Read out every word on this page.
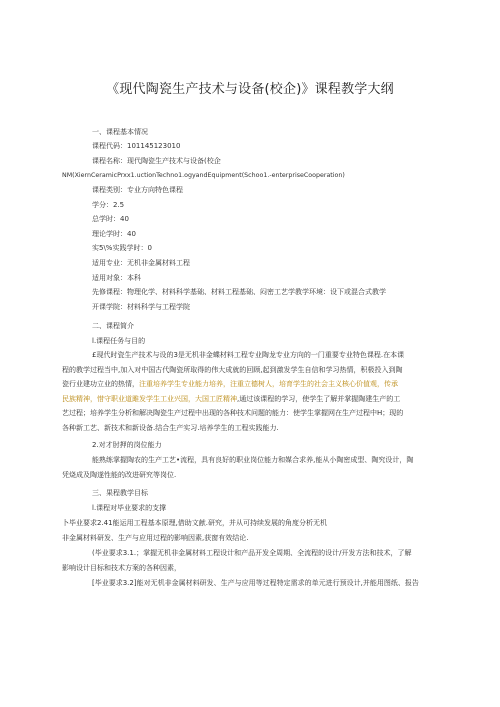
《现代陶瓷生产技术与设备(校企)》课程教学大纲
一、课程基本情况
课程代码：101145123010
课程名称：现代陶瓷生产技术与设备(校企
NM(XiernCeramicPrxx1.uctionTechno1.ogyandEquipment(Schoo1.-enterpriseCooperation)
课程类别：专业方向特色课程
学分：2.5
总学时：40
理论学时：40
实5\%实践学时：0
适用专业：无机非金属材料工程
适用对象：本科
先修课程：物理化学、材料科学基础、材料工程基础、闷密工艺学教学环境：设下或混合式教学
开课学院：材料科学与工程学院
二、课程简介
l.课程任务与目的
£现代时瓷生产技术与设的3是无机非金蝶材料工程专业陶龙专业方向的一门重要专业特色课程.在本课
程的教学过程当中,加入对中国古代陶瓷所取得的伟大成就的回顾,起到激发学生自信和学习热情，积极投入到陶
瓷行业建功立业的热情，注重培养学生专业能力培养，注重立德树人，培育学生的社会主义核心价值观，传承
民族精神，惜守职业道雎发学生工业兴国，大国工匠精神,通过该课程的学习，使学生了解并掌握陶建生产的工
艺过程；培养学生分析和解决陶瓷生产过程中出现的各种技术问题的能力：使学生掌握网在生产过程中H；现的
各种新工艺、新技术和新设备.结合生产实习.培养学生的工程实践能力.
2.对才肘押的岗位能力
能熟练掌握陶农的生产工艺•流程，具有良好的职业岗位能力和媒合求养,能从小陶密成型、陶究设计，陶
凭烧成及陶遂性能的改进研究等岗位.
三、果程教学目标
l.课程对毕业要求的支撑
卜毕业要求2.41能运用工程基本原理,借助文献.研究，并从可持续发展的角度分析无机
非金属材料研发、生产与应用过程的影响因素,获窗有效结论.
(毕业要求3.1.；掌握无机非金属材料工程设计和产品开发全周期、全流程的设计/开发方法和技术，了解
影响设计目标和技术方案的各种因素，
[毕业要求3.2]能对无机非金属材料研发、生产与应用等过程特定需求的单元进行预设计,并能用图纸、报告
